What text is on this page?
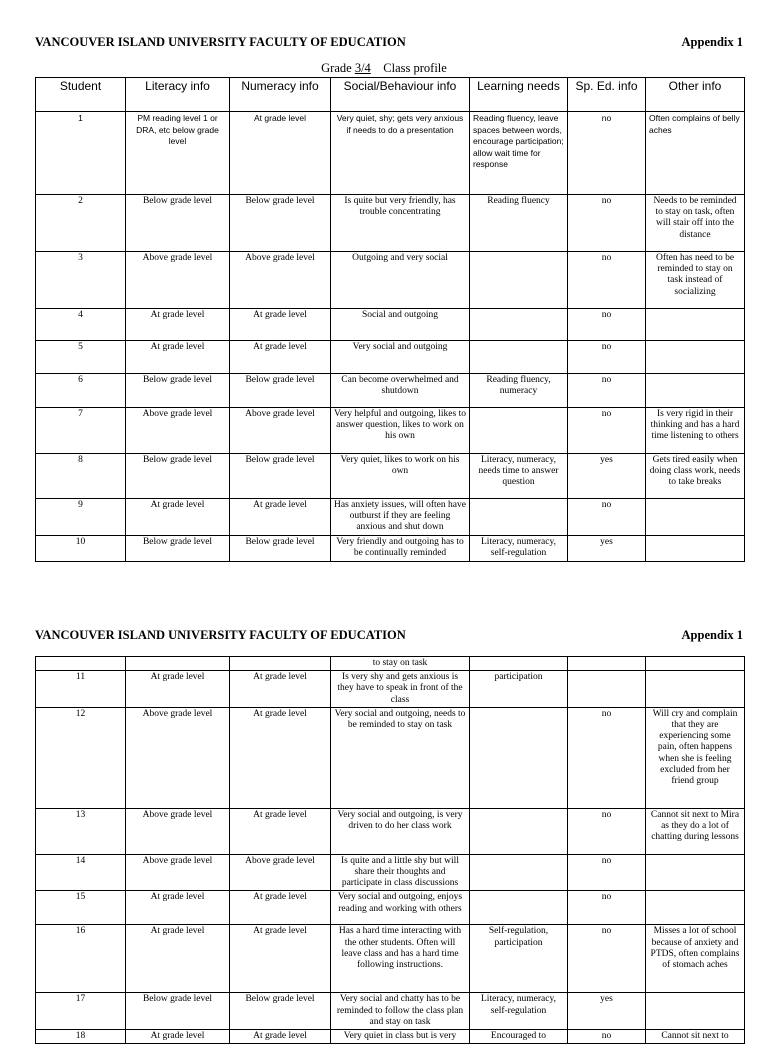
VANCOUVER ISLAND UNIVERSITY FACULTY OF EDUCATION	Appendix 1
Grade 3/4    Class profile
Student	Literacy info	Numeracy info	Social/Behaviour info	Learning needs	Sp. Ed. info	Other info
1	PM reading level 1 or DRA, etc below grade level	At grade level	Very quiet, shy; gets very anxious if needs to do a presentation	Reading fluency, leave spaces between words, encourage participation; allow wait time for response	no	Often complains of belly aches
2	Below grade level	Below grade level	Is quite but very friendly, has trouble concentrating	Reading fluency	no	Needs to be reminded to stay on task, often will stair off into the distance
3	Above grade level	Above grade level	Outgoing and very social		no	Often has need to be reminded to stay on task instead of socializing
4	At grade level	At grade level	Social and outgoing		no	
5	At grade level	At grade level	Very social and outgoing		no	
6	Below grade level	Below grade level	Can become overwhelmed and shutdown	Reading fluency, numeracy	no	
7	Above grade level	Above grade level	Very helpful and outgoing, likes to answer question, likes to work on his own		no	Is very rigid in their thinking and has a hard time listening to others
8	Below grade level	Below grade level	Very quiet, likes to work on his own	Literacy, numeracy, needs time to answer question	yes	Gets tired easily when doing class work, needs to take breaks
9	At grade level	At grade level	Has anxiety issues, will often have outburst if they are feeling anxious and shut down		no	
10	Below grade level	Below grade level	Very friendly and outgoing has to be continually reminded	Literacy, numeracy, self-regulation	yes	
VANCOUVER ISLAND UNIVERSITY FACULTY OF EDUCATION	Appendix 1
			to stay on task			
11	At grade level	At grade level	Is very shy and gets anxious is they have to speak in front of the class	participation		
12	Above grade level	At grade level	Very social and outgoing, needs to be reminded to stay on task		no	Will cry and complain that they are experiencing some pain, often happens when she is feeling excluded from her friend group
13	Above grade level	At grade level	Very social and outgoing, is very driven to do her class work		no	Cannot sit next to Mira as they do a lot of chatting during lessons
14	Above grade level	Above grade level	Is quite and a little shy but will share their thoughts and participate in class discussions		no	
15	At grade level	At grade level	Very social and outgoing, enjoys reading and working with others		no	
16	At grade level	At grade level	Has a hard time interacting with the other students. Often will leave class and has a hard time following instructions.	Self-regulation, participation	no	Misses a lot of school because of anxiety and PTDS, often complains of stomach aches
17	Below grade level	Below grade level	Very social and chatty has to be reminded to follow the class plan and stay on task	Literacy, numeracy, self-regulation	yes	
18	At grade level	At grade level	Very quiet in class but is very	Encouraged to	no	Cannot sit next to
